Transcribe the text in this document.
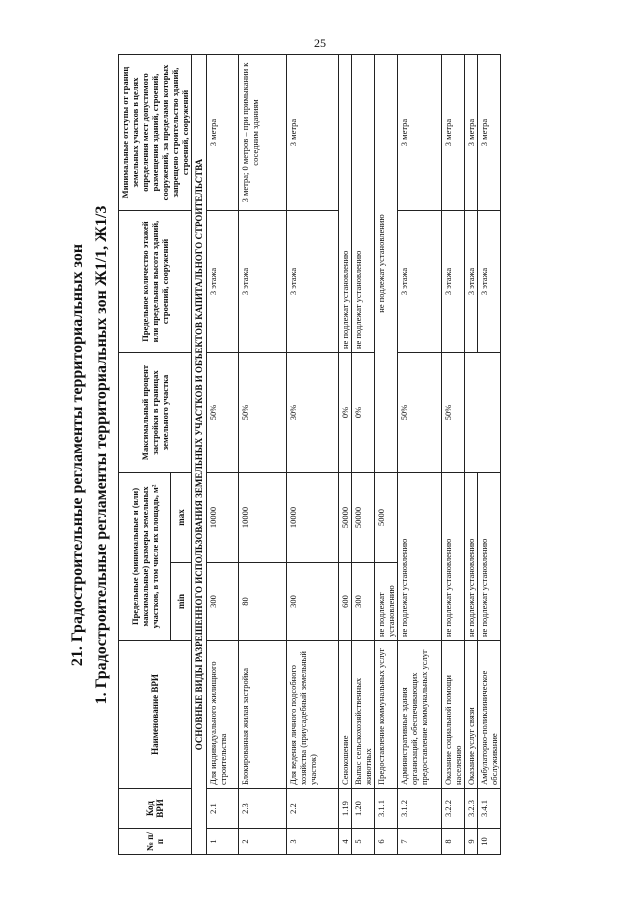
25
21. Градостроительные регламенты территориальных зон 1. Градостроительные регламенты территориальных зон Ж1/1, Ж1/3
№ п/п	Код ВРИ	Наименование ВРИ	Предельные (минимальные и (или) максимальные) размеры земельных участков, в том числе их площадь, м²		Максимальный процент застройки в границах земельного участка	Предельное количество этажей или предельная высота зданий, строений, сооружений	Минимальные отступы от границ земельных участков в целях определения мест допустимого размещения зданий, строений, сооружений, за пределами которых запрещено строительство зданий, строений, сооружений
			min	max			
ОСНОВНЫЕ ВИДЫ РАЗРЕШЕННОГО ИСПОЛЬЗОВАНИЯ ЗЕМЕЛЬНЫХ УЧАСТКОВ И ОБЪЕКТОВ КАПИТАЛЬНОГО СТРОИТЕЛЬСТВА							
1	2.1	Для индивидуального жилищного строительства	300	10000	50%	3 этажа	3 метра
2	2.3	Блокированная жилая застройка	80	10000	50%	3 этажа	3 метра; 0 метров – при примыкании к соседним зданиям
3	2.2	Для ведения личного подсобного хозяйства (приусадебный земельный участок)	300	10000	30%	3 этажа	3 метра
4	1.19	Сенокошение	600	50000	0%	не подлежат установлению	
5	1.20	Выпас сельскохозяйственных животных	300	50000	0%	не подлежат установлению	
6	3.1.1	Предоставление коммунальных услуг	не подлежат установлению	5000	не подлежат установлению		
7	3.1.2	Административные здания организаций, обеспечивающих предоставление коммунальных услуг	не подлежат установлению		50%	3 этажа	3 метра
8	3.2.2	Оказание социальной помощи населению	не подлежат установлению		50%	3 этажа	3 метра
9	3.2.3	Оказание услуг связи	не подлежат установлению			3 этажа	3 метра
10	3.4.1	Амбулаторно-поликлиническое обслуживание	не подлежат установлению			3 этажа	3 метра
